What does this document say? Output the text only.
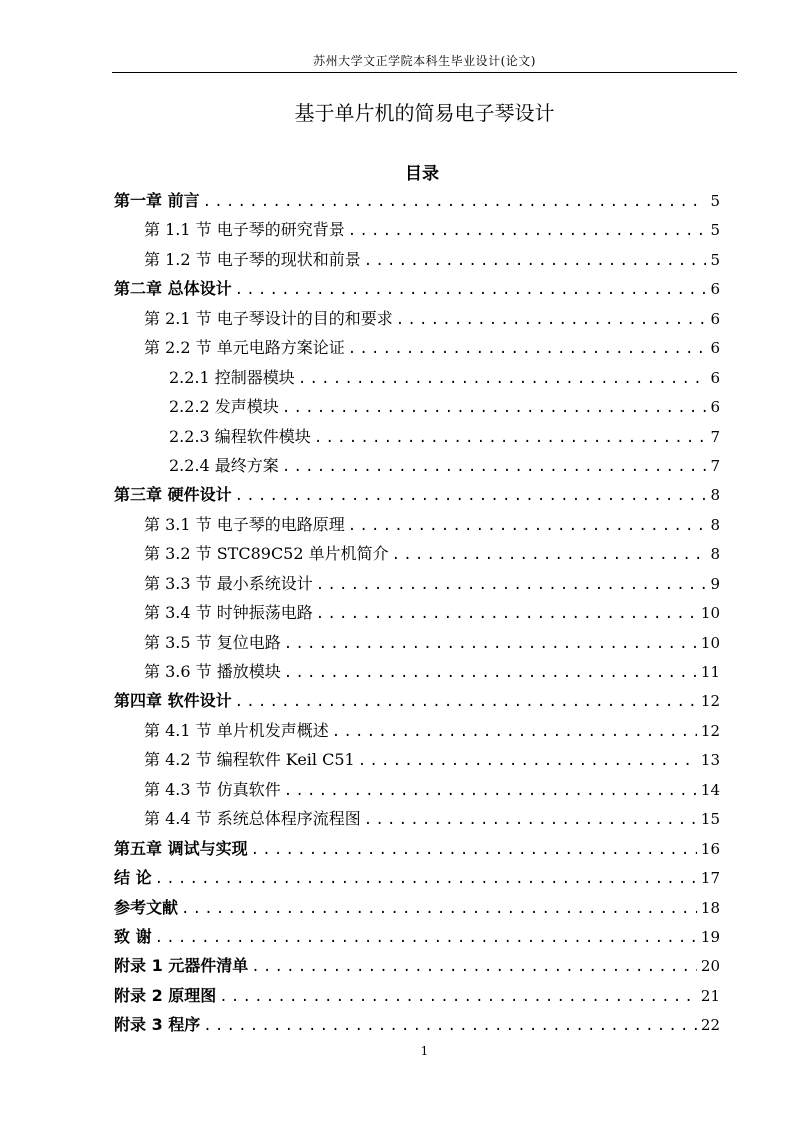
苏州大学文正学院本科生毕业设计(论文)
基于单片机的简易电子琴设计
目录
第一章 前言 .....	5
第 1.1 节 电子琴的研究背景 .....	5
第 1.2 节 电子琴的现状和前景 .....	5
第二章 总体设计 .....	6
第 2.1 节 电子琴设计的目的和要求 .....	6
第 2.2 节 单元电路方案论证 .....	6
2.2.1 控制器模块 .....	6
2.2.2 发声模块 .....	6
2.2.3 编程软件模块 .....	7
2.2.4 最终方案 .....	7
第三章 硬件设计 .....	8
第 3.1 节 电子琴的电路原理 .....	8
第 3.2 节 STC89C52 单片机简介 .....	8
第 3.3 节 最小系统设计 .....	9
第 3.4 节 时钟振荡电路 .....	10
第 3.5 节 复位电路 .....	10
第 3.6 节 播放模块 .....	11
第四章 软件设计 .....	12
第 4.1 节 单片机发声概述 .....	12
第 4.2 节 编程软件 Keil C51 .....	13
第 4.3 节 仿真软件 .....	14
第 4.4 节 系统总体程序流程图 .....	15
第五章 调试与实现 .....	16
结 论 .....	17
参考文献 .....	18
致 谢 .....	19
附录 1 元器件清单 .....	20
附录 2 原理图 .....	21
附录 3 程序 .....	22
1
